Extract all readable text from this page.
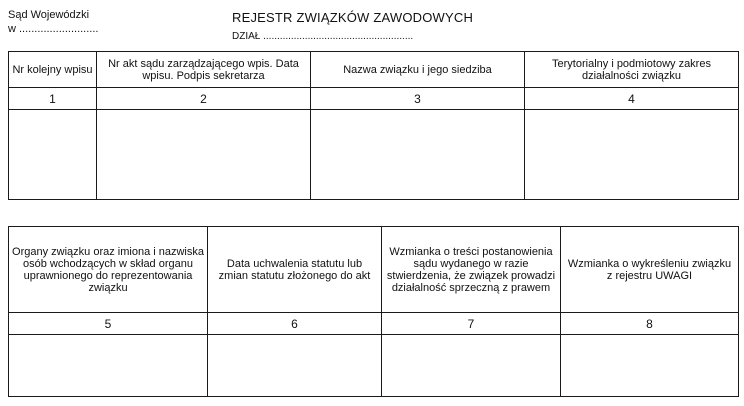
Sąd Wojewódzki
w ..........................
REJESTR ZWIĄZKÓW ZAWODOWYCH
DZIAŁ ......................................................
Nr kolejny wpisu	Nr akt sądu zarządzającego wpis. Data wpisu. Podpis sekretarza	Nazwa związku i jego siedziba	Terytorialny i podmiotowy zakres działalności związku
1	2	3	4

Organy związku oraz imiona i nazwiska osób wchodzących w skład organu uprawnionego do reprezentowania związku	Data uchwalenia statutu lub zmian statutu złożonego do akt	Wzmianka o treści postanowienia sądu wydanego w razie stwierdzenia, że związek prowadzi działalność sprzeczną z prawem	Wzmianka o wykreśleniu związku z rejestru UWAGI
5	6	7	8
